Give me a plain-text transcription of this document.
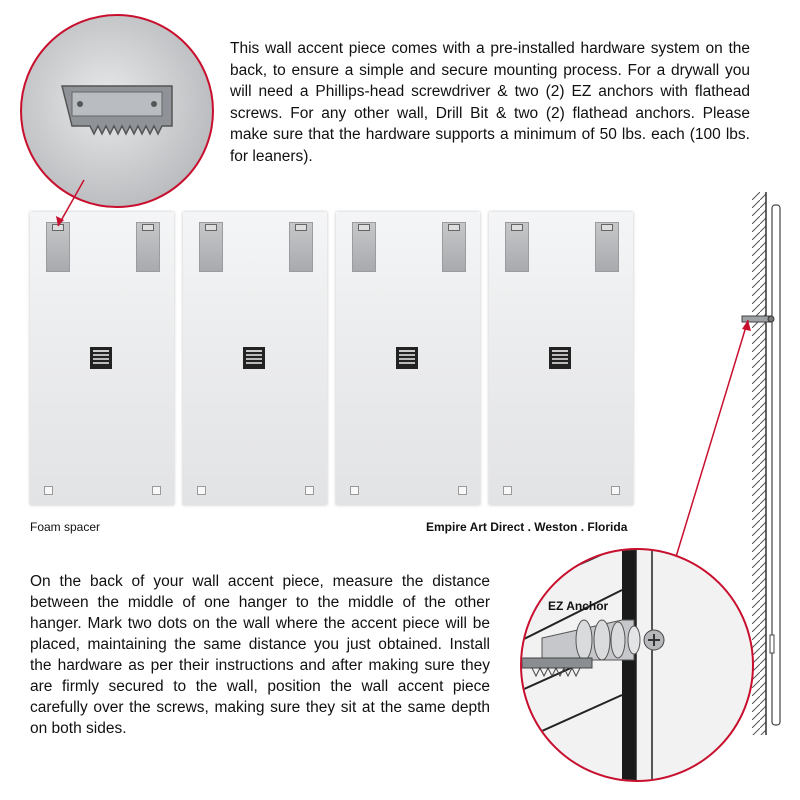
This wall accent piece comes with a pre-installed hardware system on the back, to ensure a simple and secure mounting process. For a drywall you will need a Phillips-head screwdriver & two (2) EZ anchors with flathead screws. For any other wall, Drill Bit & two (2) flathead anchors. Please make sure that the hardware supports a minimum of 50 lbs. each (100 lbs. for leaners).

Foam spacer	Empire Art Direct . Weston . Florida

On the back of your wall accent piece, measure the distance between the middle of one hanger to the middle of the other hanger. Mark two dots on the wall where the accent piece will be placed, maintaining the same distance you just obtained. Install the hardware as per their instructions and after making sure they are firmly secured to the wall, position the wall accent piece carefully over the screws, making sure they sit at the same depth on both sides.

EZ Anchor
